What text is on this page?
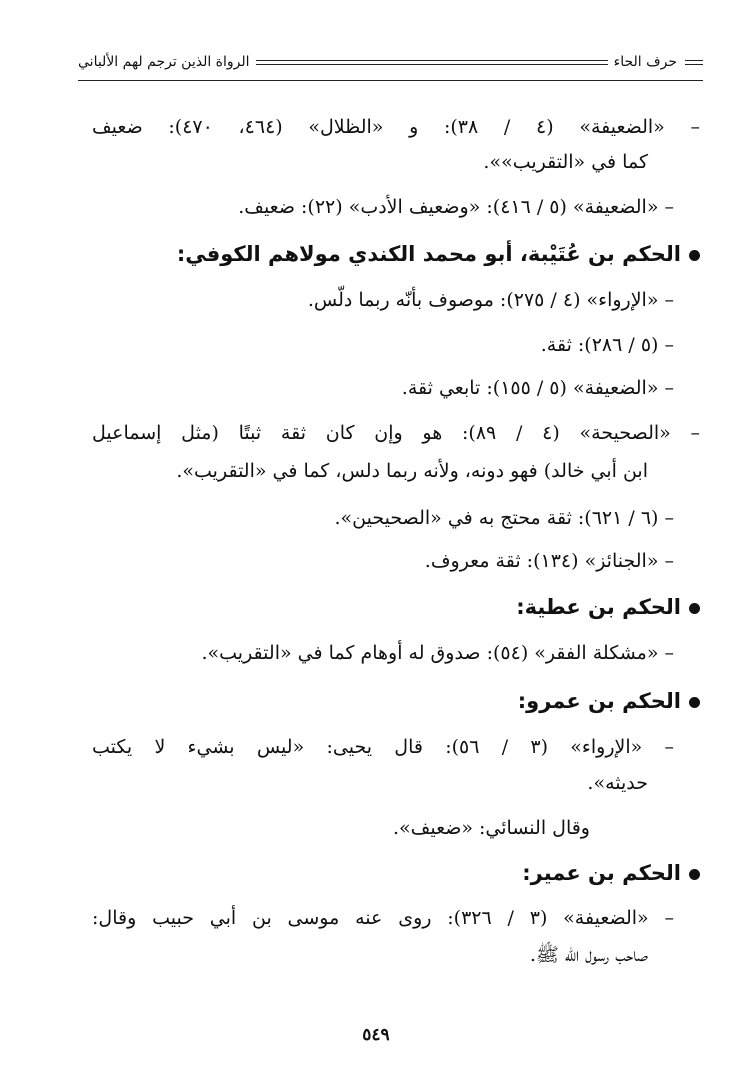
حرف الحاء
الرواة الذين ترجم لهم الألباني
– «الضعيفة» (٤ / ٣٨): و «الظلال» (٤٦٤، ٤٧٠): ضعيف
كما في «التقريب»».
– «الضعيفة» (٥ / ٤١٦): «وضعيف الأدب» (٢٢): ضعيف.
الحكم بن عُتَيْبة، أبو محمد الكندي مولاهم الكوفي:
– «الإرواء» (٤ / ٢٧٥): موصوف بأنّه ربما دلّس.
– (٥ / ٢٨٦): ثقة.
– «الضعيفة» (٥ / ١٥٥): تابعي ثقة.
– «الصحيحة» (٤ / ٨٩): هو وإن كان ثقة ثبتًا (مثل إسماعيل
ابن أبي خالد) فهو دونه، ولأنه ربما دلس، كما في «التقريب».
– (٦ / ٦٢١): ثقة محتج به في «الصحيحين».
– «الجنائز» (١٣٤): ثقة معروف.
الحكم بن عطية:
– «مشكلة الفقر» (٥٤): صدوق له أوهام كما في «التقريب».
الحكم بن عمرو:
– «الإرواء» (٣ / ٥٦): قال يحيى: «ليس بشيء لا يكتب
حديثه».
وقال النسائي: «ضعيف».
الحكم بن عمير:
– «الضعيفة» (٣ / ٣٢٦): روى عنه موسى بن أبي حبيب وقال:
صاحب رسول الله ﷺ.
٥٤٩
